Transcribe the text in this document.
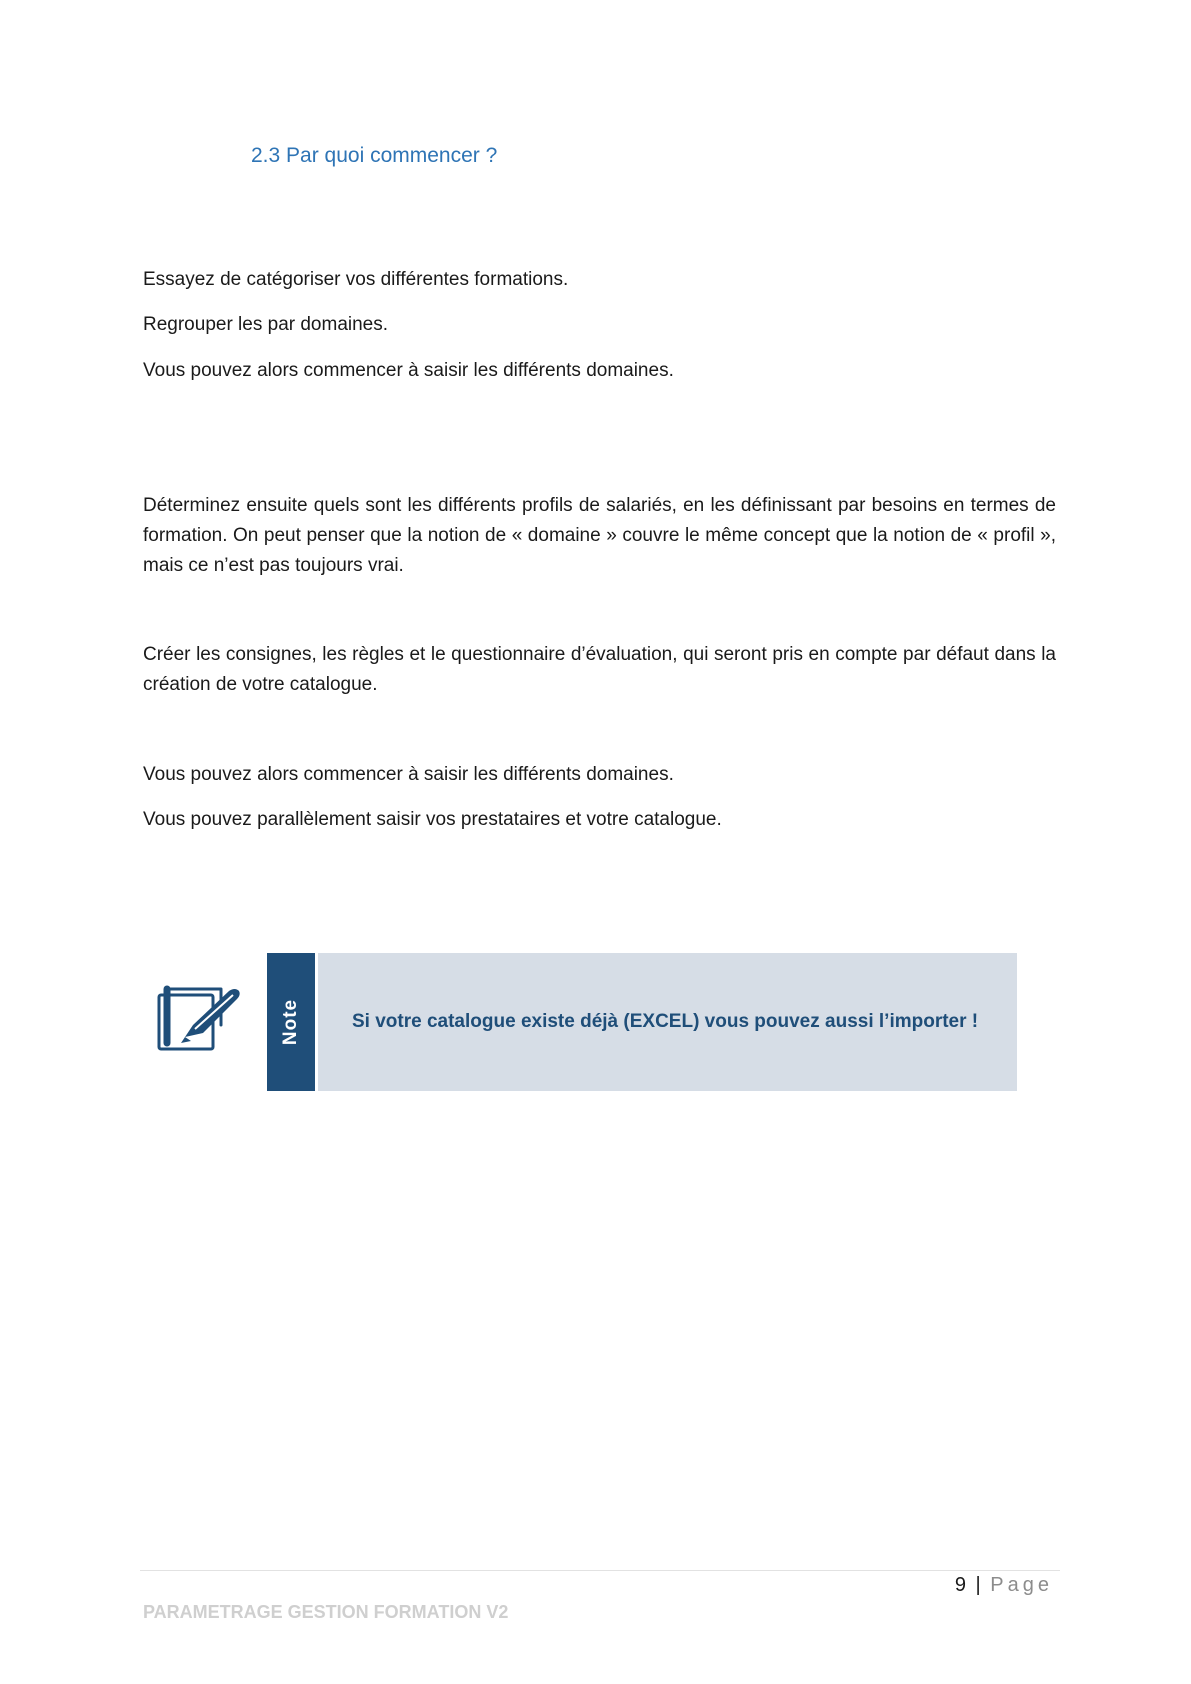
2.3 Par quoi commencer ?

Essayez de catégoriser vos différentes formations.

Regrouper les par domaines.

Vous pouvez alors commencer à saisir les différents domaines.

Déterminez ensuite quels sont les différents profils de salariés, en les définissant par besoins en termes de formation. On peut penser que la notion de « domaine » couvre le même concept que la notion de « profil », mais ce n’est pas toujours vrai.

Créer les consignes, les règles et le questionnaire d’évaluation, qui seront pris en compte par défaut dans la création de votre catalogue.

Vous pouvez alors commencer à saisir les différents domaines.

Vous pouvez parallèlement saisir vos prestataires et votre catalogue.

Note	Si votre catalogue existe déjà (EXCEL) vous pouvez aussi l’importer !

9 | Page

PARAMETRAGE GESTION FORMATION V2
